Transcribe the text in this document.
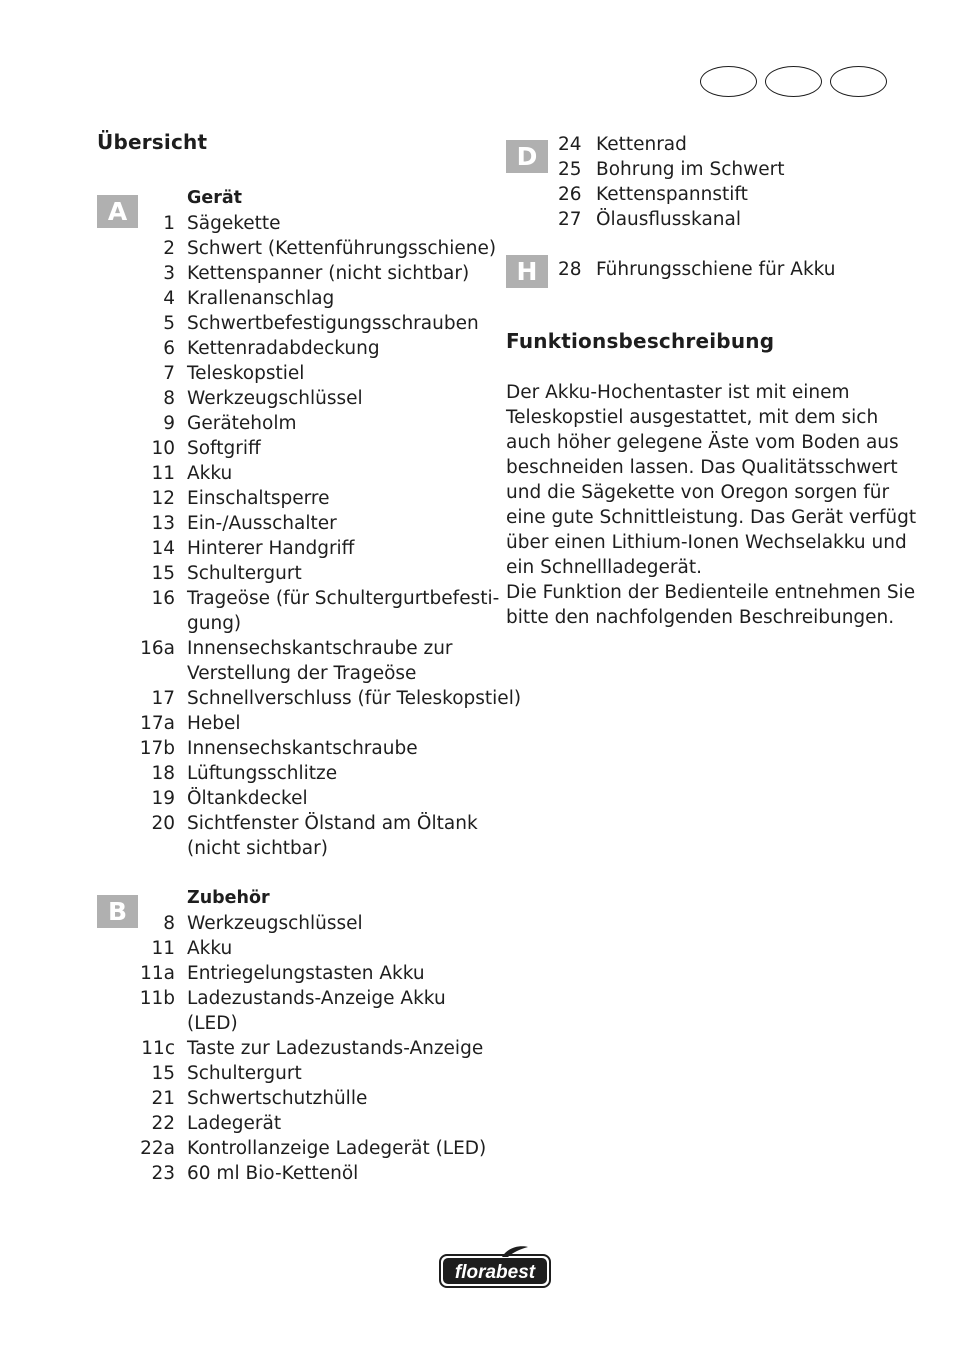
Übersicht
A	Gerät
1 Sägekette
2 Schwert (Kettenführungsschiene)
3 Kettenspanner (nicht sichtbar)
4 Krallenanschlag
5 Schwertbefestigungsschrauben
6 Kettenradabdeckung
7 Teleskopstiel
8 Werkzeugschlüssel
9 Geräteholm
10 Softgriff
11 Akku
12 Einschaltsperre
13 Ein-/Ausschalter
14 Hinterer Handgriff
15 Schultergurt
16 Trageöse (für Schultergurtbefesti-
gung)
16a Innensechskantschraube zur
Verstellung der Trageöse
17 Schnellverschluss (für Teleskopstiel)
17a Hebel
17b Innensechskantschraube
18 Lüftungsschlitze
19 Öltankdeckel
20 Sichtfenster Ölstand am Öltank
(nicht sichtbar)
B	Zubehör
8 Werkzeugschlüssel
11 Akku
11a Entriegelungstasten Akku
11b Ladezustands-Anzeige Akku
(LED)
11c Taste zur Ladezustands-Anzeige
15 Schultergurt
21 Schwertschutzhülle
22 Ladegerät
22a Kontrollanzeige Ladegerät (LED)
23 60 ml Bio-Kettenöl
D	24 Kettenrad
25 Bohrung im Schwert
26 Kettenspannstift
27 Ölausflusskanal
H	28 Führungsschiene für Akku
Funktionsbeschreibung

Der Akku-Hochentaster ist mit einem

Teleskopstiel ausgestattet, mit dem sich

auch höher gelegene Äste vom Boden aus

beschneiden lassen. Das Qualitätsschwert

und die Sägekette von Oregon sorgen für

eine gute Schnittleistung. Das Gerät verfügt

über einen Lithium-Ionen Wechselakku und

ein Schnellladegerät.

Die Funktion der Bedienteile entnehmen Sie

bitte den nachfolgenden Beschreibungen.

florabest
